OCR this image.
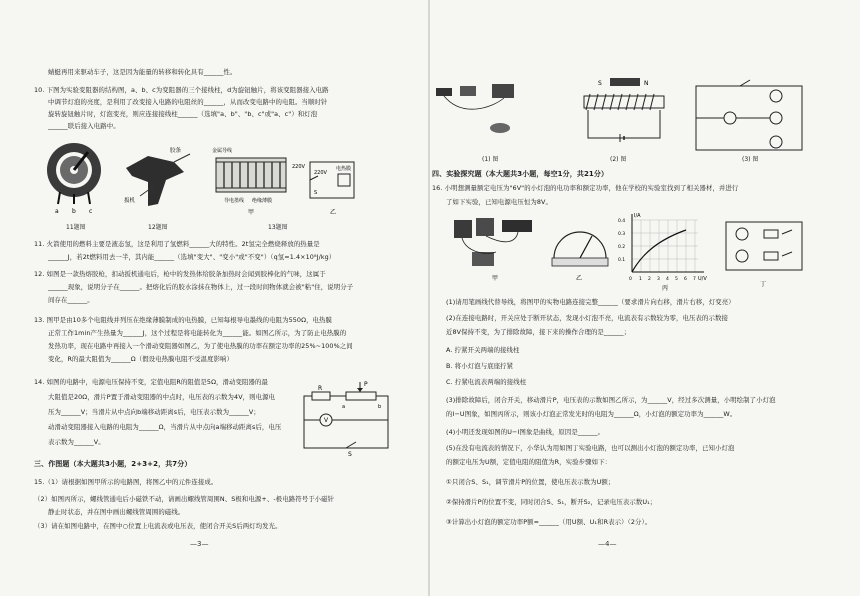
蜻蜓再用来驱动车子，这是因为能量的转移和转化具有______性。
10. 下图为实验变阻器的结构图，a、b、c为变阻器的三个接线柱，d为旋钮触片，将该变阻器接入电路
中调节灯泡的亮度，是利用了改变接入电路的电阻丝的______，从而改变电路中的电阻。当顺时针
旋转旋钮触片时，灯泡变亮，则应连接接线柱______（选填"a、b"、"b、c"或"a、c"）和灯泡
______联后接入电路中。
a b c
胶条
扳机
金属导线
导电墨线 绝缘薄膜
甲
220V
220V
电热膜
S
乙
11题图	12题图	13题图
11. 火箭使用的燃料主要是液态氢，这是利用了氢燃料______大的特性。2t氢完全燃烧释放的热量是
______J，若2t燃料用去一半，其内能______（选填"变大"、"变小"或"不变"）（q氢=1.4×10⁸J/kg）
12. 如图是一款热熔胶枪，扣动扳机通电后，枪中的发热体给胶条加热时会闻到胶棒化的气味，这属于
______现象，说明分子在______。把熔化后的胶水涂抹在物体上，过一段时间物体就会被"粘"住，说明分子
间存在______。
13. 图甲是由10多个电阻线并列压在绝缘薄膜制成的电热膜，已知每根导电墨线的电阻为550Ω，电热膜
正常工作1min产生热量为______J，这个过程是将电能转化为______能。如图乙所示，为了防止电热膜的
发热功率，现在电路中再接入一个滑动变阻器如图乙，为了使电热膜的功率在额定功率的25%~100%之间
变化，R的最大阻值为______Ω（假设电热膜电阻不受温度影响）
14. 如图的电路中，电源电压保持不变，定值电阻R的阻值是5Ω，滑动变阻器的最
大阻值是20Ω，滑片P置于滑动变阻器的中点时，电压表的示数为4V，则电源电
压为______V；当滑片从中点向b端移动距离s后，电压表示数为______V；
动滑动变阻器接入电路的电阻为______Ω，当滑片从中点向a端移动距离s后，电压
表示数为______V。
P
R
a	b
V
S
三、作图题（本大题共3小题，2+3+2，共7分）
15.（1）请根据如图甲所示的电路图，将图乙中的元件连接成。
（2）如图丙所示，螺线管通电后小磁铁不动，请画出螺线管周围N、S极和电源+、-极电路符号于小磁针
静止时状态，并在图中画出螺线管周围的磁线。
（3）请在如图电路中，在图中○位置上电流表或电压表，使闭合开关S后两灯均发光。
—3—
S	N
(1) 图	(2) 图	(3) 图
四、实验探究题（本大题共3小题，每空1分，共21分）
16. 小明想测量额定电压为"6V"的小灯泡的电功率和额定功率，他在学校的实验室找到了相关器材，并进行
了如下实验，已知电源电压恒为8V。
甲	乙
I/A
U/V
0 1 2 3 4 5 6 7
0.1
0.2
0.3
0.4
丙
丁
(1)请用笔画线代替导线，将图甲的实物电路连接完整______（要求滑片向右移，滑片右移，灯变亮）
(2)在连接电路时，开关应处于断开状态，发现小灯泡不亮，电流表有示数较为零，电压表的示数接
近8V保持不变，为了排除故障，接下来的操作合理的是______；
A. 拧紧开关两端的接线柱
B. 将小灯泡与底座拧紧
C. 拧紧电流表两端的接线柱
(3)排除故障后，闭合开关，移动滑片P，电压表的示数如图乙所示，为______V，经过多次测量，小明绘制了小灯泡
的I−U图象，如图丙所示，则该小灯泡正常发光时的电阻为______Ω，小灯泡的额定功率为______W。
(4)小明还发现如图的U−I图象是曲线，原因是______。
(5)在没有电流表的情况下，小华认为用如图丁实验电路，也可以测出小灯泡的额定功率，已知小灯泡
的额定电压为U额，定值电阻的阻值为R，实验步骤如下：
①只闭合S、S₁，调节滑片P的位置，使电压表示数为U额；
②保持滑片P的位置不变，同时闭合S、S₁，断开S₂，记录电压表示数U₁；
③计算出小灯泡的额定功率P额=______（用U额、U₁和R表示）（2分）。
—4—
